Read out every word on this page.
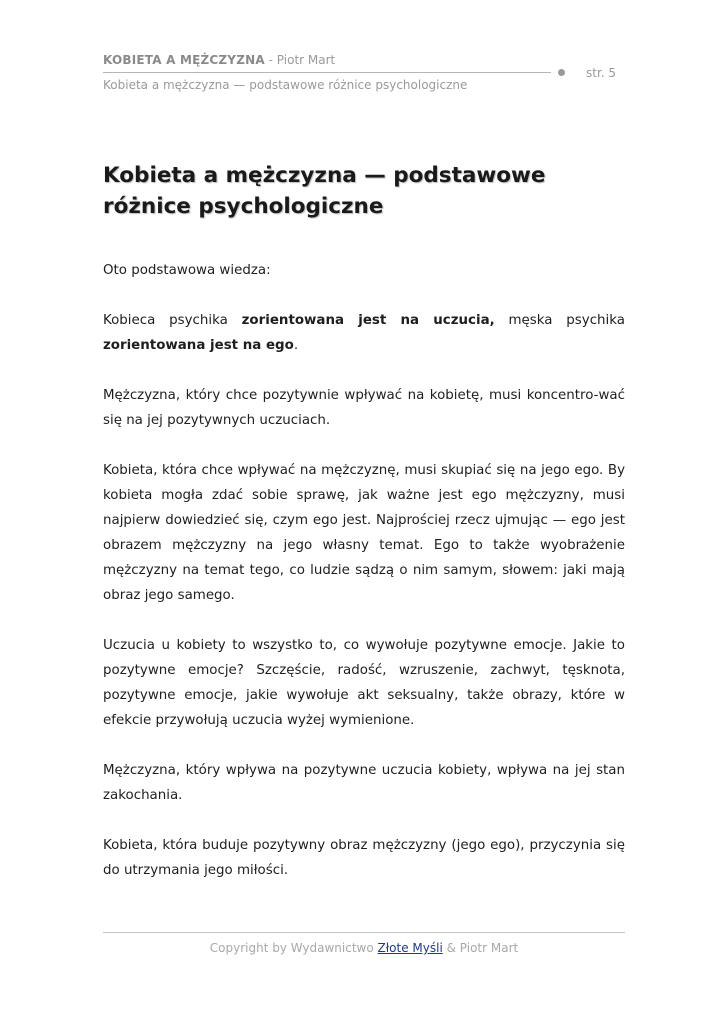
KOBIETA A MĘŻCZYZNA - Piotr Mart
str. 5
Kobieta a mężczyzna — podstawowe różnice psychologiczne
Kobieta a mężczyzna — podstawowe różnice psychologiczne

Oto podstawowa wiedza:

Kobieca psychika zorientowana jest na uczucia, męska psychika zorientowana jest na ego.

Mężczyzna, który chce pozytywnie wpływać na kobietę, musi koncentro-wać się na jej pozytywnych uczuciach.

Kobieta, która chce wpływać na mężczyznę, musi skupiać się na jego ego. By kobieta mogła zdać sobie sprawę, jak ważne jest ego mężczyzny, musi najpierw dowiedzieć się, czym ego jest. Najprościej rzecz ujmując — ego jest obrazem mężczyzny na jego własny temat. Ego to także wyobrażenie mężczyzny na temat tego, co ludzie sądzą o nim samym, słowem: jaki mają obraz jego samego.

Uczucia u kobiety to wszystko to, co wywołuje pozytywne emocje. Jakie to pozytywne emocje? Szczęście, radość, wzruszenie, zachwyt, tęsknota, pozytywne emocje, jakie wywołuje akt seksualny, także obrazy, które w efekcie przywołują uczucia wyżej wymienione.

Mężczyzna, który wpływa na pozytywne uczucia kobiety, wpływa na jej stan zakochania.

Kobieta, która buduje pozytywny obraz mężczyzny (jego ego), przyczynia się do utrzymania jego miłości.

Copyright by Wydawnictwo Złote Myśli & Piotr Mart
